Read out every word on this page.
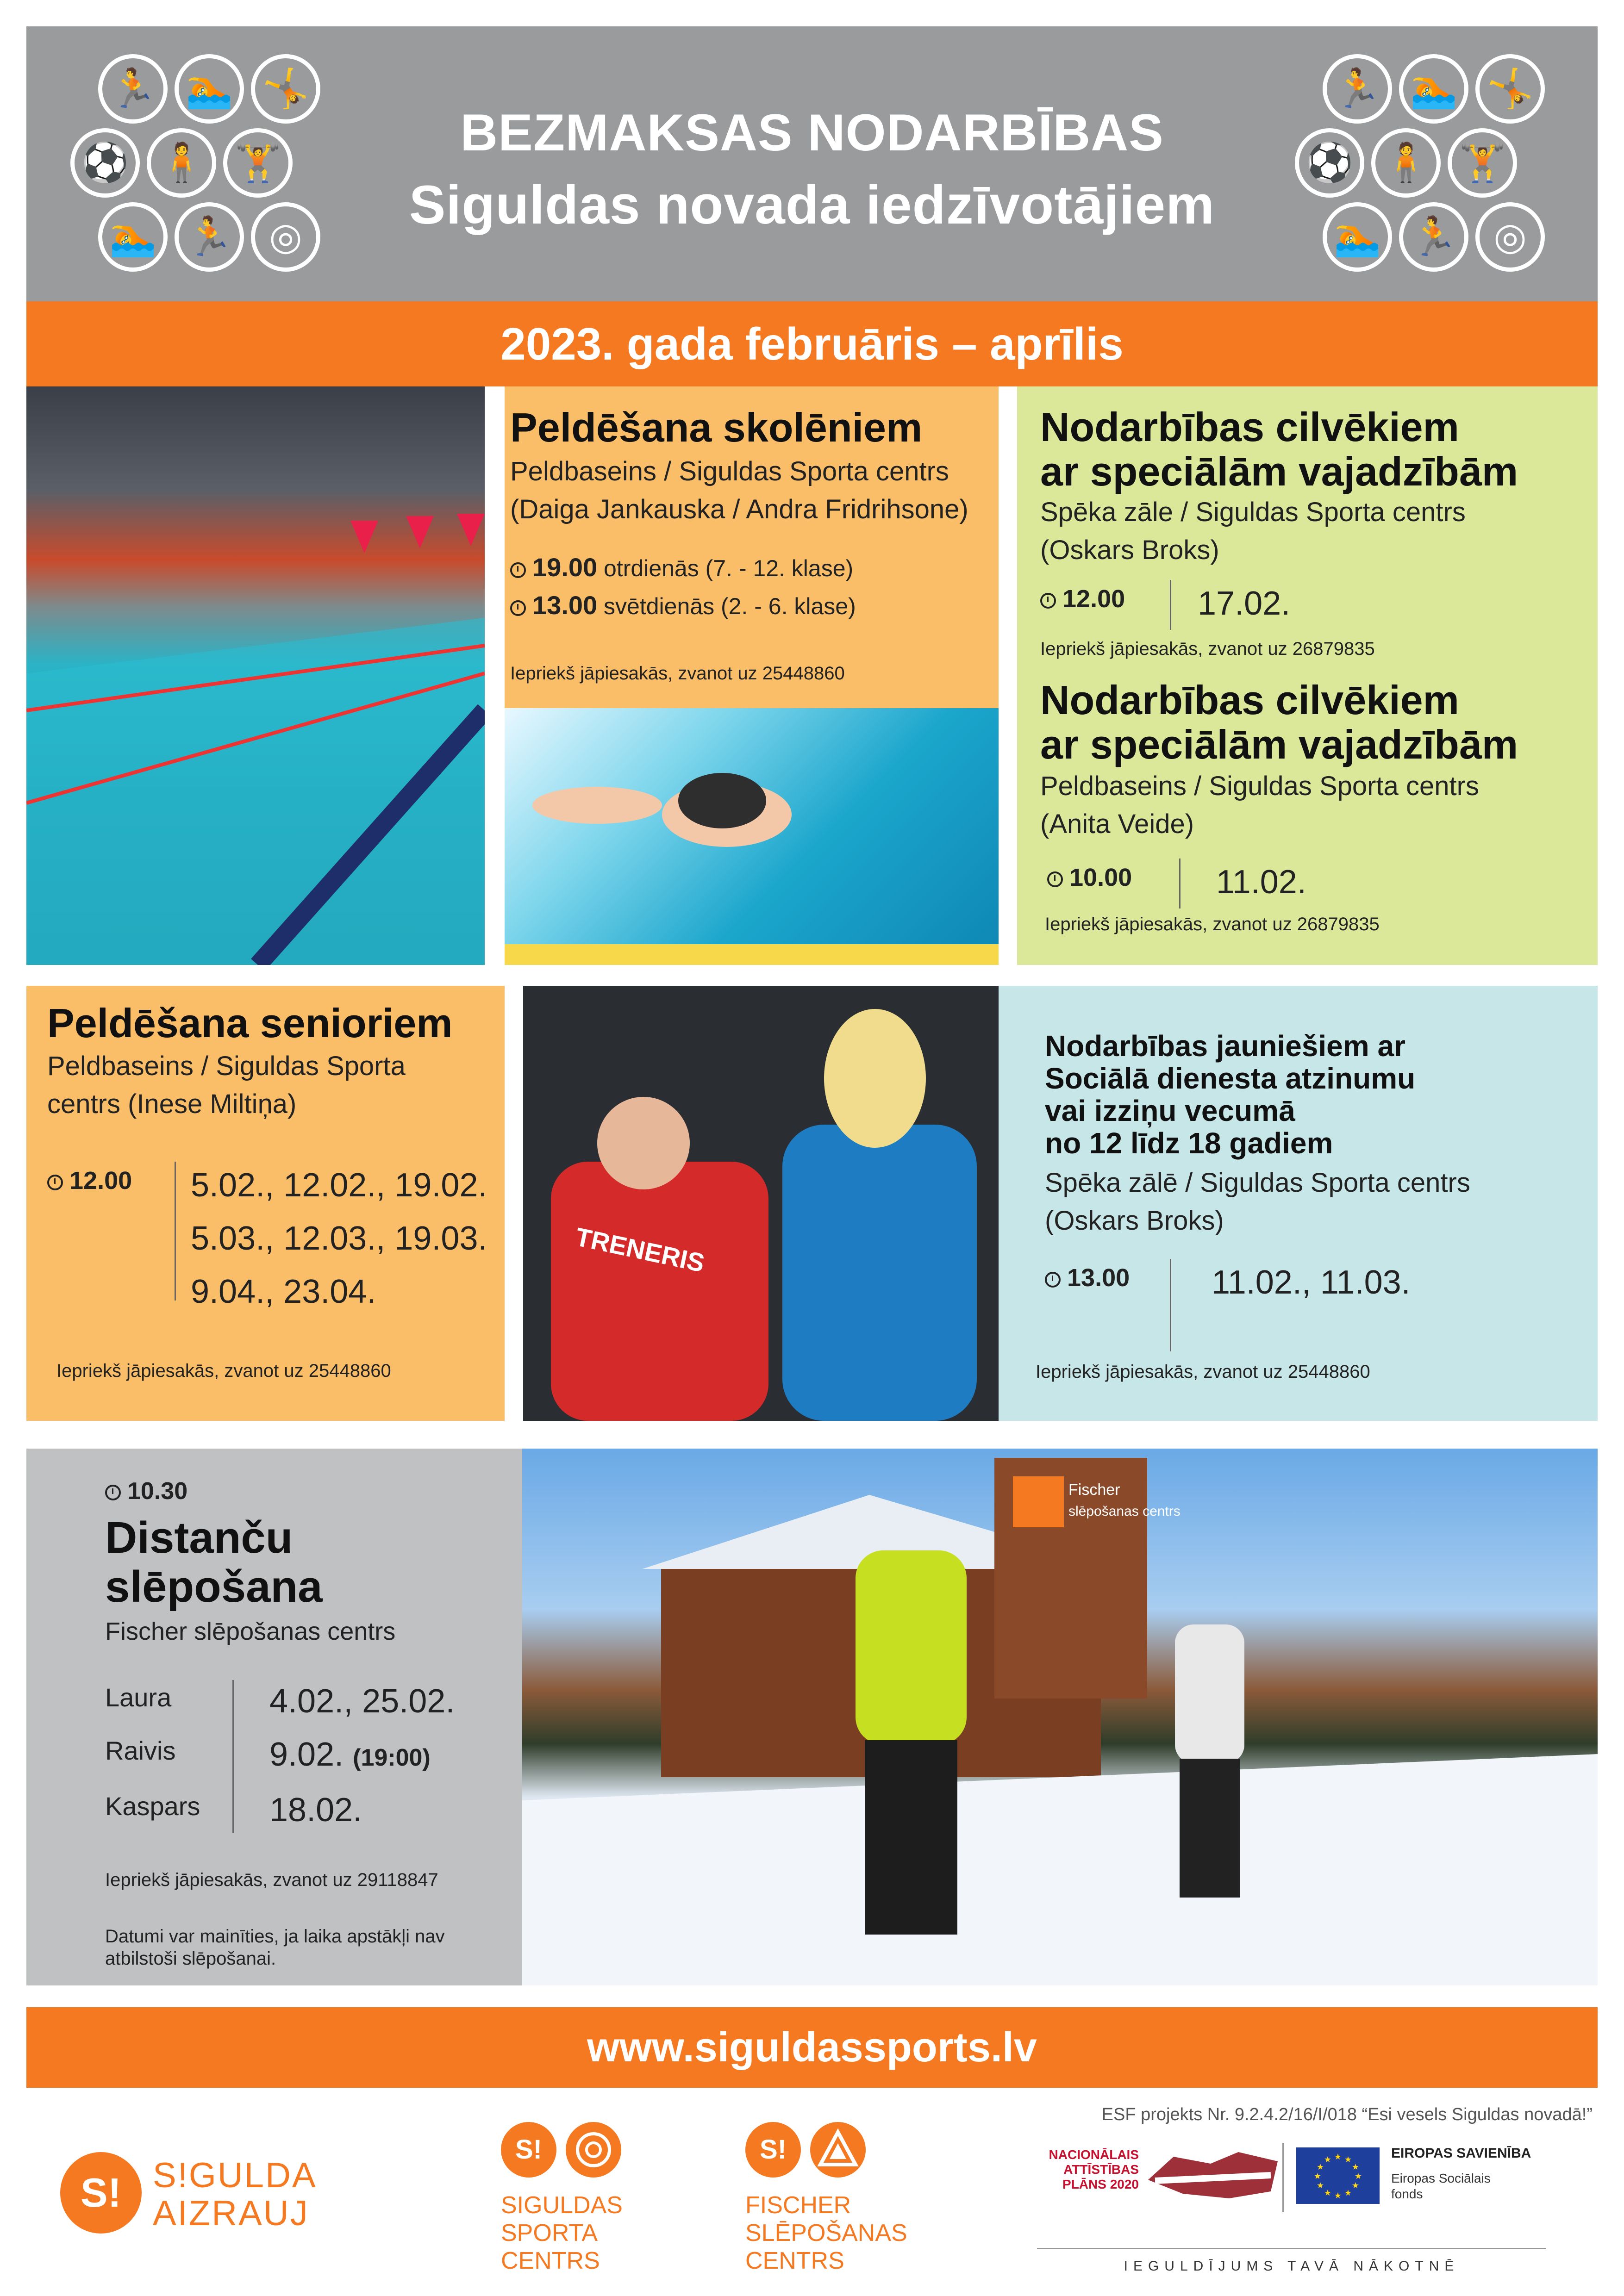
🏃 🏊 🤸
⚽ 🧍 🏋
🏊 🏃 ◎
BEZMAKSAS NODARBĪBAS
Siguldas novada iedzīvotājiem
🏃 🏊 🤸
⚽ 🧍 🏋
🏊 🏃 ◎
2023. gada februāris – aprīlis
TRENERIS
Fischer
slēpošanas centrs
Peldēšana skolēniem
Peldbaseins / Siguldas Sporta centrs
(Daiga Jankauska / Andra Fridrihsone)
19.00 otrdienās (7. - 12. klase)
13.00 svētdienās (2. - 6. klase)
Iepriekš jāpiesakās, zvanot uz 25448860
Nodarbības cilvēkiem
ar speciālām vajadzībām
Spēka zāle / Siguldas Sporta centrs
(Oskars Broks)
12.00 17.02.
Iepriekš jāpiesakās, zvanot uz 26879835
Nodarbības cilvēkiem
ar speciālām vajadzībām
Peldbaseins / Siguldas Sporta centrs
(Anita Veide)
10.00	11.02.
Iepriekš jāpiesakās, zvanot uz 26879835
Peldēšana senioriem
Peldbaseins / Siguldas Sporta
centrs (Inese Miltiņa)
12.00 5.02., 12.02., 19.02.
5.03., 12.03., 19.03.
9.04., 23.04.
Iepriekš jāpiesakās, zvanot uz 25448860
Nodarbības jauniešiem ar
Sociālā dienesta atzinumu
vai izziņu vecumā
no 12 līdz 18 gadiem
Spēka zālē / Siguldas Sporta centrs
(Oskars Broks)
13.00 11.02., 11.03.
Iepriekš jāpiesakās, zvanot uz 25448860
10.30
Distanču
slēpošana
Fischer slēpošanas centrs
Laura	4.02., 25.02.
Raivis	9.02. (19:00)
Kaspars 18.02.
Iepriekš jāpiesakās, zvanot uz 29118847
Datumi var mainīties, ja laika apstākļi nav
atbilstoši slēpošanai.
www.siguldassports.lv
S! S!GULDA
AIZRAUJ
S!
SIGULDAS
SPORTA
CENTRS
S!
FISCHER
SLĒPOŠANAS
CENTRS
ESF projekts Nr. 9.2.4.2/16/I/018 “Esi vesels Siguldas novadā!”
NACIONĀLAIS
ATTĪSTĪBAS
PLĀNS 2020
★ ★
★
★
★
★
★
★
★
★
★
★	EIROPAS SAVIENĪBA
Eiropas Sociālais
fonds
IEGULDĪJUMS TAVĀ NĀKOTNĒ
